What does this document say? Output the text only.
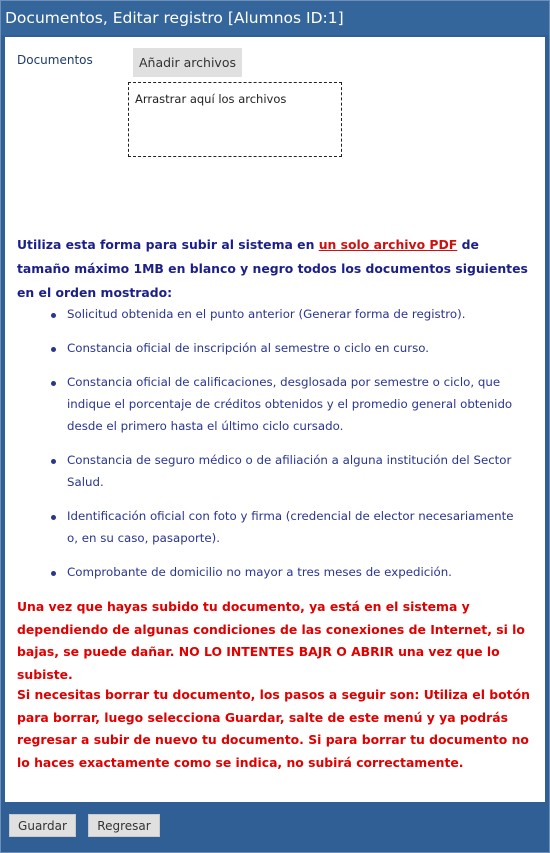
Documentos, Editar registro [Alumnos ID:1]
Documentos	Añadir archivos
Arrastrar aquí los archivos

Utiliza esta forma para subir al sistema en un solo archivo PDF de tamaño máximo 1MB en blanco y negro todos los documentos siguientes en el orden mostrado:

Solicitud obtenida en el punto anterior (Generar forma de registro).
Constancia oficial de inscripción al semestre o ciclo en curso.
Constancia oficial de calificaciones, desglosada por semestre o ciclo, que indique el porcentaje de créditos obtenidos y el promedio general obtenido desde el primero hasta el último ciclo cursado.
Constancia de seguro médico o de afiliación a alguna institución del Sector Salud.
Identificación oficial con foto y firma (credencial de elector necesariamente o, en su caso, pasaporte).
Comprobante de domicilio no mayor a tres meses de expedición.

Una vez que hayas subido tu documento, ya está en el sistema y dependiendo de algunas condiciones de las conexiones de Internet, si lo bajas, se puede dañar. NO LO INTENTES BAJR O ABRIR una vez que lo subiste.

Si necesitas borrar tu documento, los pasos a seguir son: Utiliza el botón para borrar, luego selecciona Guardar, salte de este menú y ya podrás regresar a subir de nuevo tu documento. Si para borrar tu documento no lo haces exactamente como se indica, no subirá correctamente.

Guardar	Regresar
